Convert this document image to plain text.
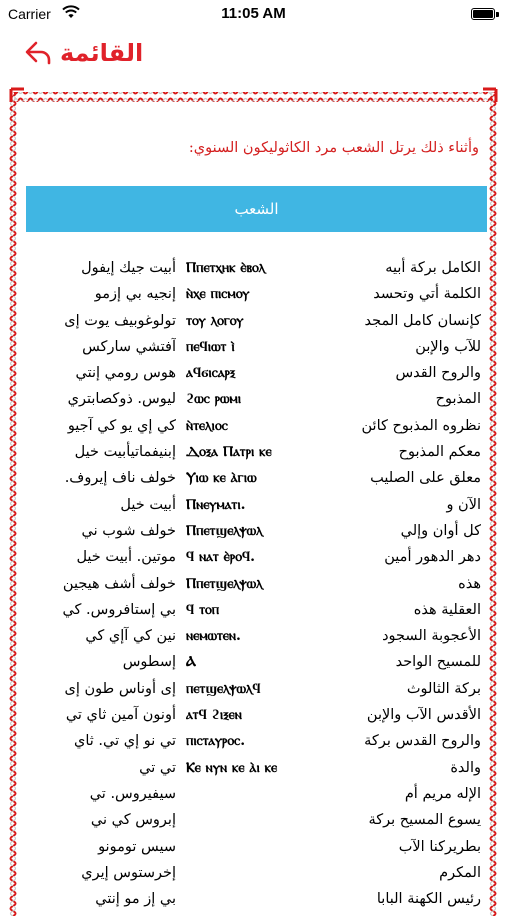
Carrier	11:05 AM
القائمة
وأثناء ذلك يرتل الشعب مرد الكاثوليكون السنوي:
الشعب
الكامل بركة أبيه
الكلمة أتي وتحسد
كإنسان كامل المجد
للآب والإبن
والروح القدس
المذبوح
نظروه المذبوح كائن
معكم المذبوح
معلق على الصليب
الآن و
كل أوان وإلي
دهر الدهور أمين
هذه
العقلية هذه
الأعجوبة السجود
للمسيح الواحد
بركة الثالوث
الأقدس الآب والإبن
والروح القدس بركة
والدة
الإله مريم أم
يسوع المسيح بركة
بطريركنا الآب
المكرم
رئيس الكهنة البابا
Ⲡⲡⲉⲧⲭⲏⲕ ⲉ̀ⲃⲟⲗ
ⲛ̀ⲭⲉ ⲡⲓⲥⲙⲟⲩ
ⲧⲟⲩ ⲗⲟⲅⲟⲩ
ⲡⲉϥⲓⲱⲧ ⲓ̀
ⲁϥϭⲓⲥⲁⲣⲝ
ϩⲱⲥ ⲣⲱⲙⲓ
ⲛ̀ⲧⲉⲗⲓⲟⲥ
Ⲇⲟⲝⲁ Ⲡⲁⲧⲣⲓ ⲕⲉ
Ⲩⲓⲱ ⲕⲉ ⲁ̀ⲅⲓⲱ
Ⲡⲛⲉⲩⲙⲁⲧⲓ.
Ⲡⲡⲉⲧϣⲉⲗⲯⲱⲗ
ϥ ⲛⲁⲧ ⲉ̀ⲣⲟϥ.
Ⲡⲡⲉⲧϣⲉⲗⲯⲱⲗ
ϥ ⲧⲟⲡ
ⲛⲉⲙⲱⲧⲉⲛ.
Ⲁ
ⲡⲉⲧϣⲉⲗⲯⲱⲗϥ
ⲁⲧϥ ϩⲓⲝⲉⲛ
ⲡⲓⲥⲧⲁⲩⲣⲟⲥ.
Ⲕⲉ ⲛⲩⲛ ⲕⲉ ⲁ̀ⲓ ⲕⲉ
أبيت جيك إيفول
إنجيه بي إزمو
تولوغوبيف يوت إى
آفتشي ساركس
هوس رومي إنتي
ليوس. ذوكصابتري
كي إي يو كي آجيو
إبنيفماتيأبيت خيل
خولف ناف إيروف.
أبيت خيل
خولف شوب ني
موتين. أبيت خيل
خولف أشف هيجين
بي إستافروس. كي
نين كي آإي كي
إسطوس
إى أوناس طون إى
أونون آمين ثاي تي
تي نو إي تي. ثاي
تي تي
سيفيروس. تي
إبروس كي ني
سيس تومونو
إخرستوس إيري
بي إز مو إنتي
